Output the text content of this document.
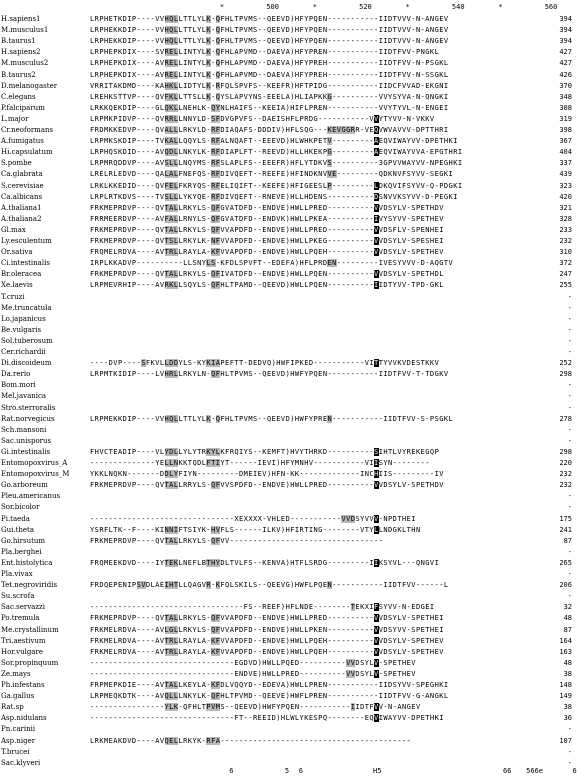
*	500	*	520	*	540	*	560
H.sapiens1	LRPHETKDIP----VVHQLLTTLYLK-QFHLTPVMS--QEEVD)HFYPQEN-----------IIDTVVV-N-ANGEV	394
M.musculus1	LRPHEKKDIP----VVHQLLTTLYLK-QFHLTPVMS--QEEVD)HFYPQEN-----------IIDTVVV-N-ANGEV	394
B.taurus1	LRPHEKKDIP----VVHQLLTTLYLK-QFHLTPVMS--QEEVD)HFYPQEN-----------IIDTVVV-N-ANGEV	394
H.sapiens2	LRPHEPKDIX----SVRELLINTYLK-QFHLAPVMD--DAEVA)HFYPREN-----------IIDTFVV-PNGKL	427
M.musculus2	LRPHEPKDIX----AVRELLINTYLK-QFHLAPVMD--DAEVA)HFYPREH-----------IIDTFVV-N-PSGKL	427
B.taurus2	LRPHEPKDIX----AVRELLINTYLK-QFHLAPVMD--DAEVA)HFYPREH-----------IIDTFVV-N-SSGKL	426
D.melanogaster	VRRITAKDMD----KAHKLLIDTYLK-RFQLSPVFS--KEEFR)HFTPIDG-----------IIDCFVVAD-EKGNI	370
C.elegans	LREHKSTTVP----QVFKLLTTSLLK-QYSLAPVYNS-EEELA)HLIAPKKG----------VVYSYVA-N-QNGKI	348
P.falciparum	LRKKQEKDIP----GLQKLLNEHLK-QYNLHAIFS--KEEIA)HIFLPREN-----------VVYTYVL-N-ENGEI	308
L.major	LRPMKPIDVP----QVRRLLNNYLD-SFDVGPVFS--DAEISHFLPRDG-----------VVYTYVV-N-VKKV	319
Cr.neoformans	FRDMKKEDVP----QVALLLRKYLD-RFDIAQAFS-DDDIV)HFLSQG---KEVGGRR-VEQVWVAVVV-DPTTHRI	398
A.fumigatus	LRPMKSKDIP----TVKALLQQYLS-RFALNQAFT--EEEVD)HLWHKPETV---------AEQVIWAYVV-DPETHKI	367
Hi.capsulatum	LRPHQSKDID----AVQDLLNKYLK-RFDIAPLFT--REEVD)HLLHKEKPG---------AEQVIWAYVVA-EPGTHRI	404
S.pombe	LRPMRQDDVP----AVSLLLNQYMS-RFSLAPLFS--EEEFR)HFLYTDKVS----------3GPVVWAYVV-NPEGHKI	337
Ca.glabrata	LRELRLEDVD----QALALFNEFQS-RFDIVQEFT--REEFE)HFINDKNVVE---------QDKNVFSYVV-SEGKI	439
S.cerevisiae	LRKLKKEDID----QVFELFKRYQS-RFELIQIFT--KEEFE)HFIGEESLP---------LDKQVIFSYVV-Q-PDGKI	323
Ca.albicans	LRPLRTKDVS----TVSLLLYKYQE-RFDIVQEFT--RNEVE)HLLHDENS----------DSNVVKSYVV-D-PEGKI	420
A.thaliana1	FRKMEPRDVP----QVTALLRKYLS-QFGVATDFD--ENDVE)HWLLPRED----------VVDSYLV-SPETHDV	321
A.thaliana2	FRRMEERDVP----AVFALLRNYLS-QFGVATDFD--ENDVK)HWLLPKEA----------IVYSYVV-SPETHEV	328
Gl.max	FRKMEPRDVP----QVTALLRKYLS-QFVVAPDFD--ENDVE)HWLLPRED----------VVDSFLV-SPENHEI	233
Ly.esculentum	FRKMEPRDVP----QVTSLLRKYLK-NFVVAPDFD--ENDVE)HWLLPKEG----------VVDSYLV-SPESHEI	232
Or.sativa	FRQMELRDVA----AVTRLLRAYLA-KFVVAPDFD--ENDVE)HWLLPQEH----------VVDSYLV-SPETHEV	310
Ci.intestinalis	IRPLKKADVP----------LLSNYLS-KFDLSPVFT--EDEFA)HFLPRDEN---------IVESYVVV-D-AQGTV	372
Br.oleracea	FRKMEPRDVP----QVTALLRKYLS-QFIVATDFD--ENDVE)HWLLPQEN----------VVDSYLV-SPETHDL	247
Xe.laevis	LRPMEVRHIP----AVRKLLSQYLS-QFHLTPAMD--QEEVD)HWLLPQEN----------IIDTYVV-TPD-GKL	255
T.cruzi	-
Me.truncatula	-
Lo.japanicus	-
Be.vulgaris	-
Sol.tuberosum	-
Cer.richardii	-
Di.discoideum	----DVP----SFKVLLDDYLS-KYKIAPEFTT-DEDVQ)HWFIPKED-----------VITTYVVKVDESTKKV	252
Da.rerio	LRPMTKIDIP----LVHRLLRKYLN-QFHLTPVMS--QEEVD)HWFYPQEN-----------IIDTFVV-T-TDGKV	298
Bom.mori	-
Mel.javanica	-
Stro.sterroralis	-
Rat.norvegicus	LRPMEKKDIP----VVHQLLTTLYLK-QFHLTPVMS--QEEVD)HWFYPREN-----------IIDTFVV-S-PSGKL	278
Sch.mansoni	-
Sac.unisporus	-
Gi.intestinalis	FHVCTEADIP----VLYDLLYLYTRKYLKFRQIYS--KEMFT)HVYTHRKD----------SIHTLVYREKEGQP	298
Entomopoxvirus_A	--------------YELLNKKTQDLFTIYT------IEVI)HFYMNHV-----------VIISYN--------	220
Entomopoxvirus_M	YKKLNQKN-------DDLYFIYN---------DMEIEV)HFN-KK-------------INCHIIS---------IV	232
Go.arboreum	FRKMEPRDVP----QVTALLRRYLS-QFVVSPDFD--ENDVE)HWLLPRED----------VVDSYLV-SPETHDV	232
Pleu.americanus	-
Sor.bicolor	-
Pi.taeda	-------------------------------XEXXXX-VHLED-----------VVDSYVVV-NPDTHEI	175
Gui.theta	YSRFLTK--F----KINNIFTSIYK-HVFLS------ILKV)HFIRTING--------VTYLLNDGKLTHN	241
Go.hirsutum	FRKMEPRDVP----QVTALLRKYLS-QFVV---------------------------------	87
Pla.berghei	-
Ent.histolytica	FRQMEEKDVD----IYTEKLNEFLBTHYDLTVLFS--KENVA)HTFLSRDG---------IIKSYVL---QNGVI	265
Pla.vivax	-
Tet.negroviridis	FRDQEPENIPSVDLAEIHTLLQAGVR-KFQLSKILS--QEEVG)HWFLPQEN-----------IIDTFVV------L	206
Su.scrofa	-
Sac.servazzi	---------------------------------FS--REEF)HFLNDE--------TEKXIFSYVV-N-EDGEI	32
Po.tremula	FRKMEPRDVP----QVTALLRKYLS-QFVVAPDFD--ENDVE)HWLLPRED----------VVDSYLV-SPETHEI	48
Me.crystallinum	FRKMELRDVA----AVLGLLRKYLS-QFVVAPDFD--ENDVE)HWLLPKEN----------VVDSYVV-SPETHEI	87
Tri.aestivum	FRKMELRDVA----AVTRLLRAYLA-KFVVAPDFD--ENDVE)HWLLPQEH----------VVDSYLV-SPETHEV	164
Hor.vulgare	FRKMELRDVA----AVTRLLRAYLA-KFVVAPDFD--ENDVE)HWLLPQEH----------VVDSYLV-SPETHEV	163
Sor.propinquum	-------------------------------EGDVD)HWLLPQED----------VVDSYLV-SPETHEV	48
Ze.mays	-------------------------------ENDVE)HWLLPRED----------VVDSYLV-SPETHEV	38
Ph.infestans	FRPMEPKDIE----AVTALLKEYLA-KFDLVQQYD--EDEVA)HWLLPREN-----------IIDSYVV-SPEGHKI	148
Ga.gallus	LRPMEQKDTK----AVQLLLNKYLK-QFHLTPVMD--QEEVE)HWFLPREN-----------IIDTFVV-G-ANGKL	149
Rat.sp	----------------YLK-QFHLTPVMS--QEEVD)HWFYPQEN-----------IIDTFVV-N-ANGEV	38
Asp.nidulans	-------------------------------FT--REEID)HLWLYKESPQ--------EQVIWAYVV-DPETHKI	36
Pn.carinii	-
Asp.niger	LRKMEAKDVD----AVQELLRKYK-RFA-----------------------------------------	107
T.brucei	-
Sac.klyveri	-
6	5 6	H5	66 566e	6
